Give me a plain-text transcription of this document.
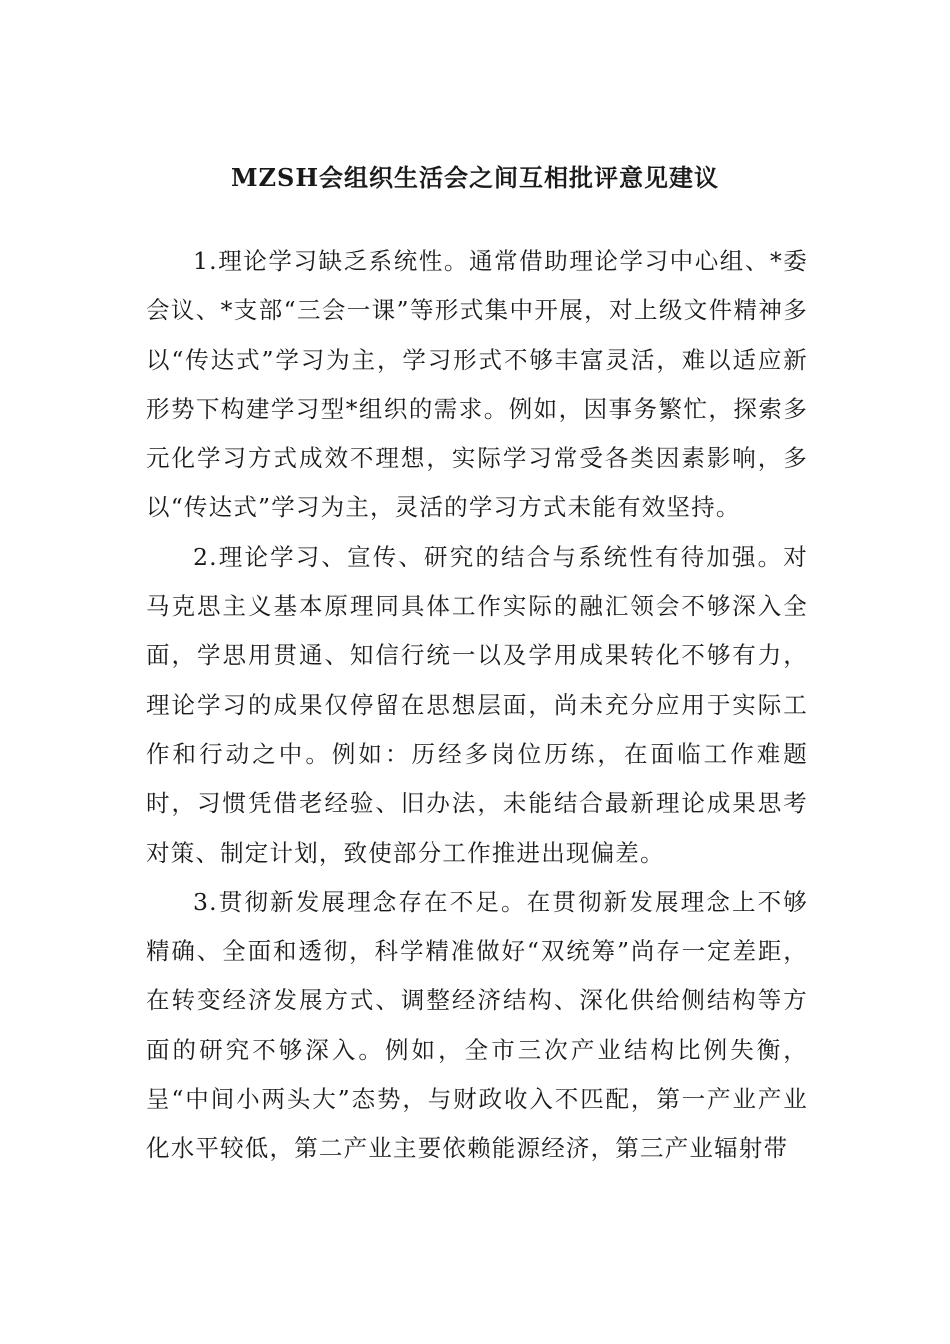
MZSH会组织生活会之间互相批评意见建议

1.理论学习缺乏系统性。通常借助理论学习中心组、*委会议、*支部“三会一课”等形式集中开展，对上级文件精神多以“传达式”学习为主，学习形式不够丰富灵活，难以适应新形势下构建学习型*组织的需求。例如，因事务繁忙，探索多元化学习方式成效不理想，实际学习常受各类因素影响，多以“传达式”学习为主，灵活的学习方式未能有效坚持。

2.理论学习、宣传、研究的结合与系统性有待加强。对马克思主义基本原理同具体工作实际的融汇领会不够深入全面，学思用贯通、知信行统一以及学用成果转化不够有力，理论学习的成果仅停留在思想层面，尚未充分应用于实际工作和行动之中。例如：历经多岗位历练，在面临工作难题时，习惯凭借老经验、旧办法，未能结合最新理论成果思考对策、制定计划，致使部分工作推进出现偏差。

3.贯彻新发展理念存在不足。在贯彻新发展理念上不够精确、全面和透彻，科学精准做好“双统筹”尚存一定差距，在转变经济发展方式、调整经济结构、深化供给侧结构等方面的研究不够深入。例如，全市三次产业结构比例失衡，呈“中间小两头大”态势，与财政收入不匹配，第一产业产业化水平较低，第二产业主要依赖能源经济，第三产业辐射带
